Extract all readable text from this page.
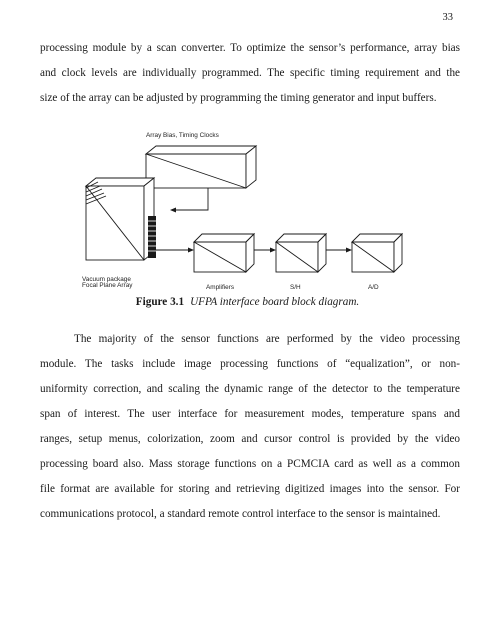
33
processing module by a scan converter. To optimize the sensor’s performance, array bias
and clock levels are individually programmed. The specific timing requirement and the
size of the array can be adjusted by programming the timing generator and input buffers.
Array Bias, Timing Clocks
Vacuum package
Focal Plane Array	Amplifiers	S/H	A/D
Figure 3.1 UFPA interface board block diagram.
The majority of the sensor functions are performed by the video processing
module. The tasks include image processing functions of “equalization”, or non-
uniformity correction, and scaling the dynamic range of the detector to the temperature
span of interest. The user interface for measurement modes, temperature spans and
ranges, setup menus, colorization, zoom and cursor control is provided by the video
processing board also. Mass storage functions on a PCMCIA card as well as a common
file format are available for storing and retrieving digitized images into the sensor. For
communications protocol, a standard remote control interface to the sensor is maintained.
